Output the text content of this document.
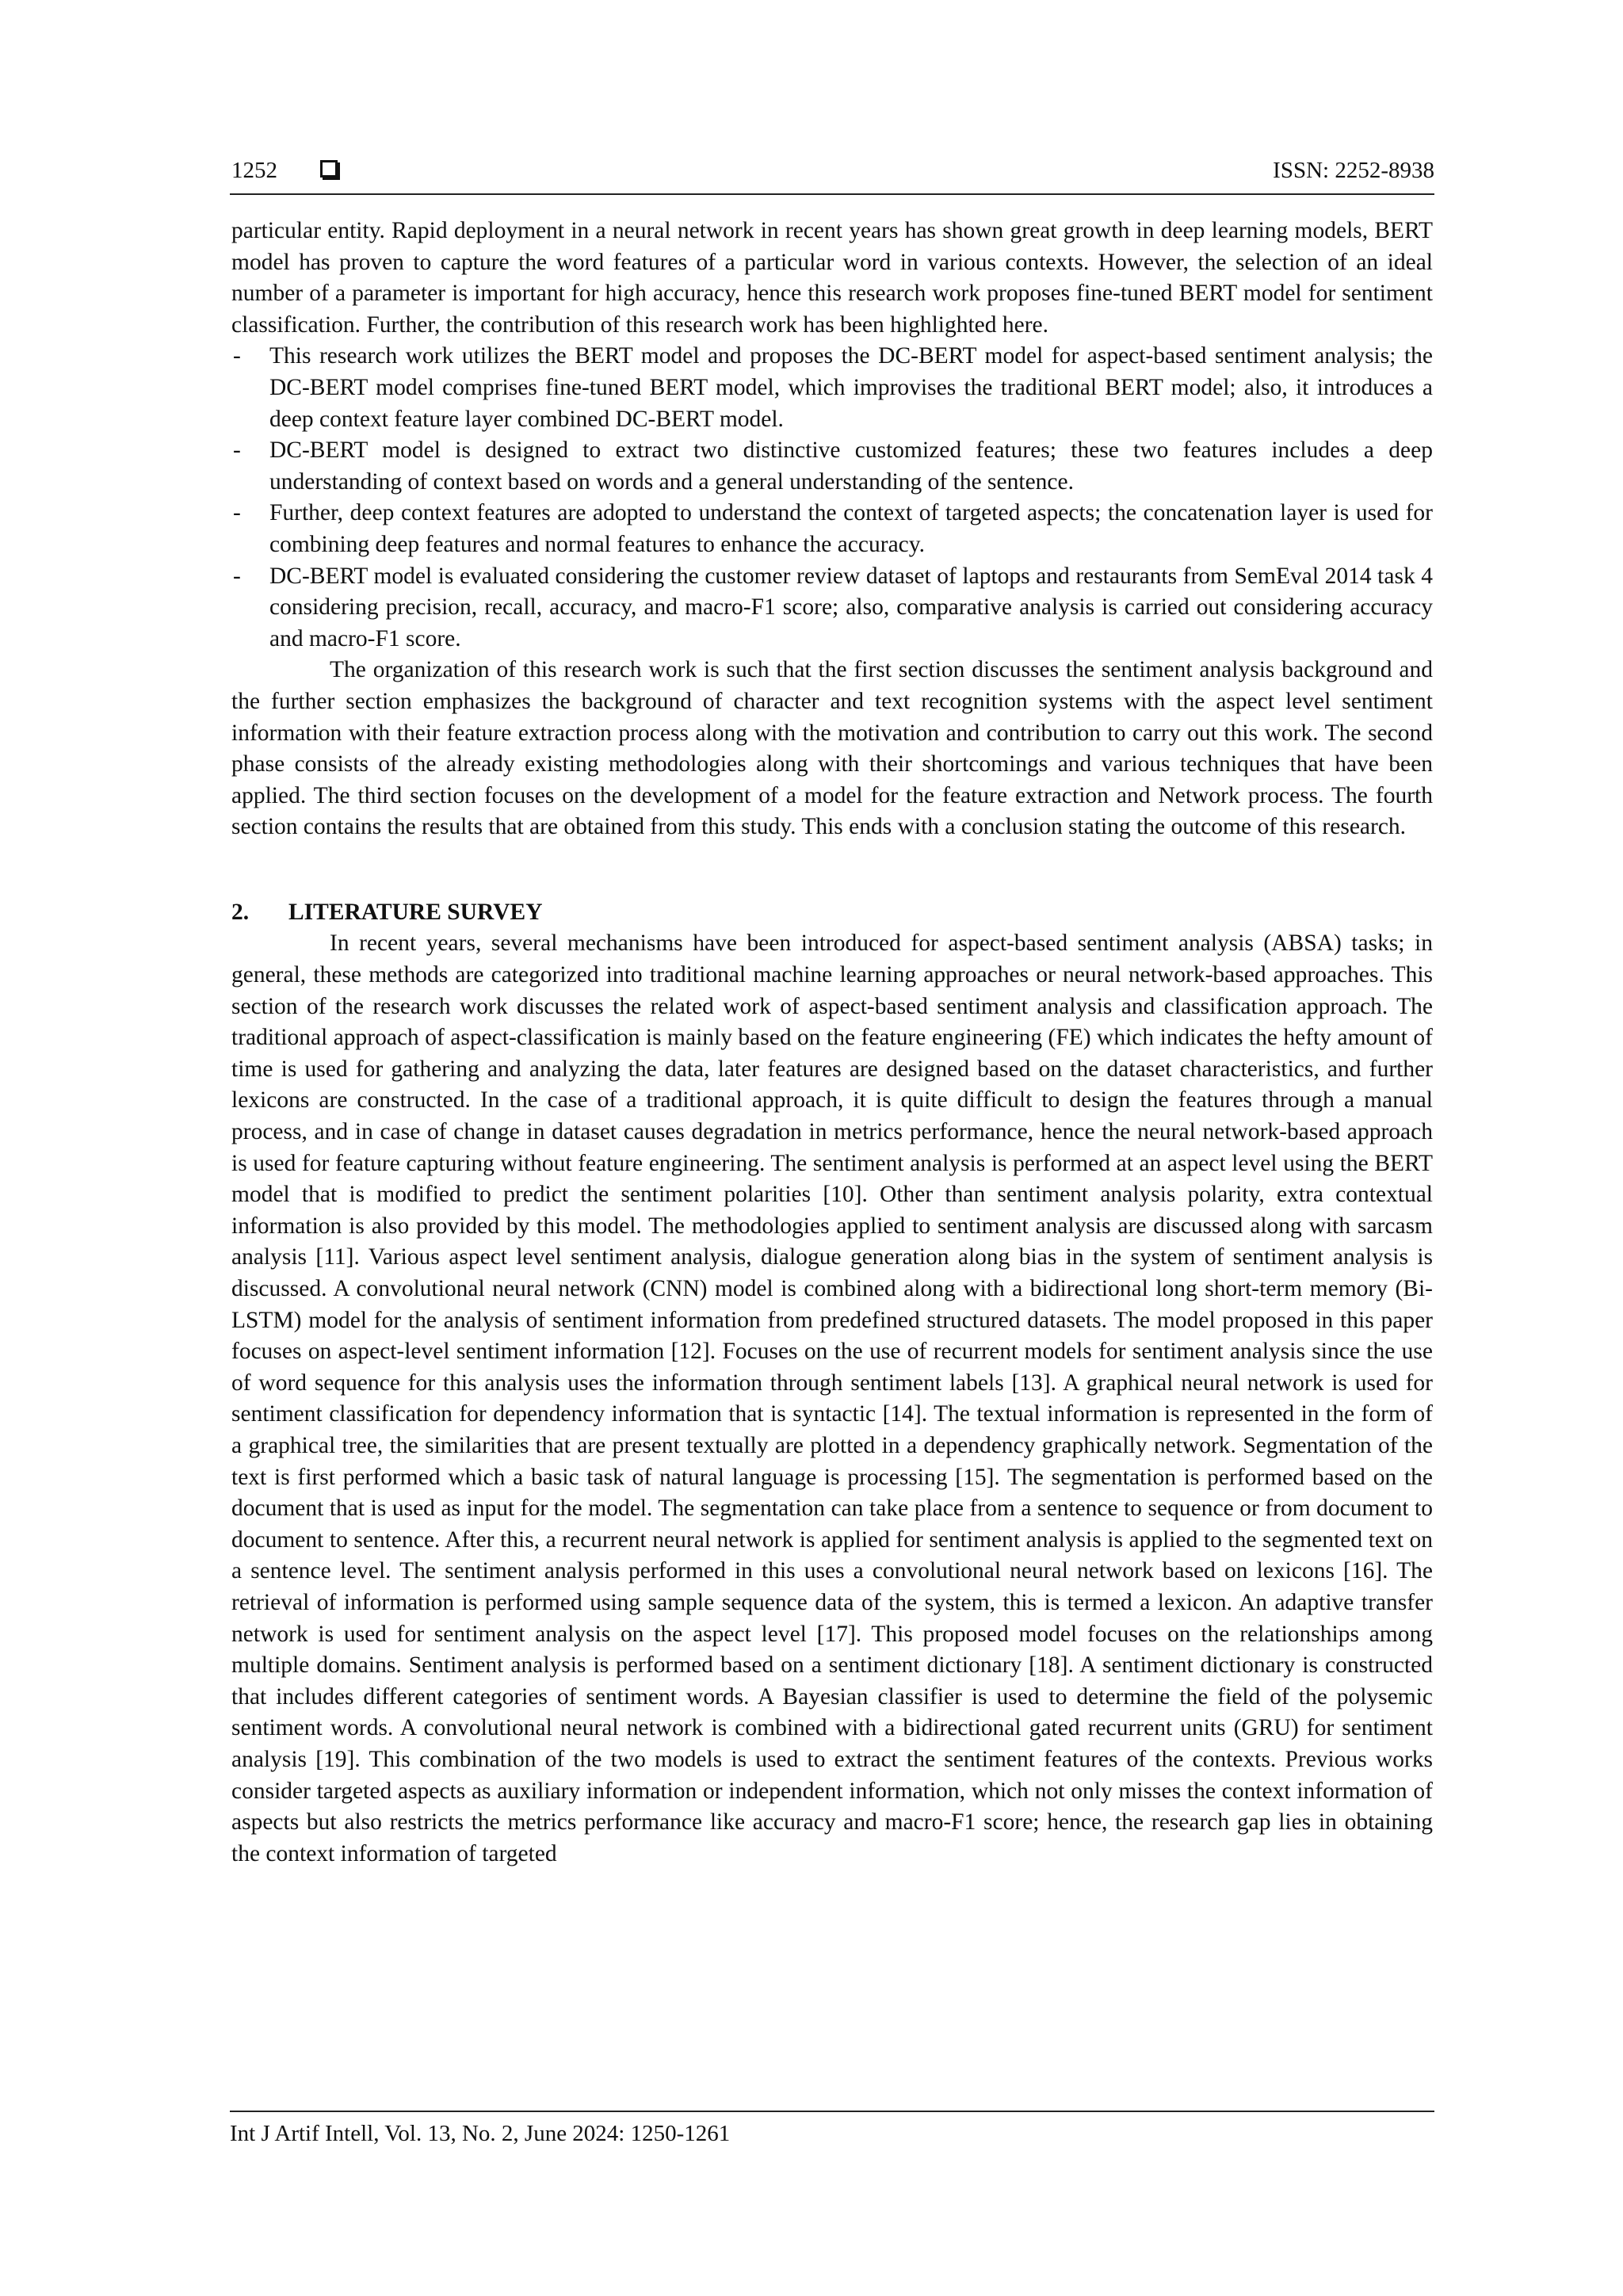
1252	ISSN: 2252-8938

particular entity. Rapid deployment in a neural network in recent years has shown great growth in deep learning models, BERT model has proven to capture the word features of a particular word in various contexts. However, the selection of an ideal number of a parameter is important for high accuracy, hence this research work proposes fine-tuned BERT model for sentiment classification. Further, the contribution of this research work has been highlighted here.

- This research work utilizes the BERT model and proposes the DC-BERT model for aspect-based sentiment analysis; the DC-BERT model comprises fine-tuned BERT model, which improvises the traditional BERT model; also, it introduces a deep context feature layer combined DC-BERT model.
- DC-BERT model is designed to extract two distinctive customized features; these two features includes a deep understanding of context based on words and a general understanding of the sentence.
- Further, deep context features are adopted to understand the context of targeted aspects; the concatenation layer is used for combining deep features and normal features to enhance the accuracy.
- DC-BERT model is evaluated considering the customer review dataset of laptops and restaurants from SemEval 2014 task 4 considering precision, recall, accuracy, and macro-F1 score; also, comparative analysis is carried out considering accuracy and macro-F1 score.

The organization of this research work is such that the first section discusses the sentiment analysis background and the further section emphasizes the background of character and text recognition systems with the aspect level sentiment information with their feature extraction process along with the motivation and contribution to carry out this work. The second phase consists of the already existing methodologies along with their shortcomings and various techniques that have been applied. The third section focuses on the development of a model for the feature extraction and Network process. The fourth section contains the results that are obtained from this study. This ends with a conclusion stating the outcome of this research.

2. LITERATURE SURVEY

In recent years, several mechanisms have been introduced for aspect-based sentiment analysis (ABSA) tasks; in general, these methods are categorized into traditional machine learning approaches or neural network-based approaches. This section of the research work discusses the related work of aspect-based sentiment analysis and classification approach. The traditional approach of aspect-classification is mainly based on the feature engineering (FE) which indicates the hefty amount of time is used for gathering and analyzing the data, later features are designed based on the dataset characteristics, and further lexicons are constructed. In the case of a traditional approach, it is quite difficult to design the features through a manual process, and in case of change in dataset causes degradation in metrics performance, hence the neural network-based approach is used for feature capturing without feature engineering. The sentiment analysis is performed at an aspect level using the BERT model that is modified to predict the sentiment polarities [10]. Other than sentiment analysis polarity, extra contextual information is also provided by this model. The methodologies applied to sentiment analysis are discussed along with sarcasm analysis [11]. Various aspect level sentiment analysis, dialogue generation along bias in the system of sentiment analysis is discussed. A convolutional neural network (CNN) model is combined along with a bidirectional long short-term memory (Bi-LSTM) model for the analysis of sentiment information from predefined structured datasets. The model proposed in this paper focuses on aspect-level sentiment information [12]. Focuses on the use of recurrent models for sentiment analysis since the use of word sequence for this analysis uses the information through sentiment labels [13]. A graphical neural network is used for sentiment classification for dependency information that is syntactic [14]. The textual information is represented in the form of a graphical tree, the similarities that are present textually are plotted in a dependency graphically network. Segmentation of the text is first performed which a basic task of natural language is processing [15]. The segmentation is performed based on the document that is used as input for the model. The segmentation can take place from a sentence to sequence or from document to document to sentence. After this, a recurrent neural network is applied for sentiment analysis is applied to the segmented text on a sentence level. The sentiment analysis performed in this uses a convolutional neural network based on lexicons [16]. The retrieval of information is performed using sample sequence data of the system, this is termed a lexicon. An adaptive transfer network is used for sentiment analysis on the aspect level [17]. This proposed model focuses on the relationships among multiple domains. Sentiment analysis is performed based on a sentiment dictionary [18]. A sentiment dictionary is constructed that includes different categories of sentiment words. A Bayesian classifier is used to determine the field of the polysemic sentiment words. A convolutional neural network is combined with a bidirectional gated recurrent units (GRU) for sentiment analysis [19]. This combination of the two models is used to extract the sentiment features of the contexts. Previous works consider targeted aspects as auxiliary information or independent information, which not only misses the context information of aspects but also restricts the metrics performance like accuracy and macro-F1 score; hence, the research gap lies in obtaining the context information of targeted

Int J Artif Intell, Vol. 13, No. 2, June 2024: 1250-1261
